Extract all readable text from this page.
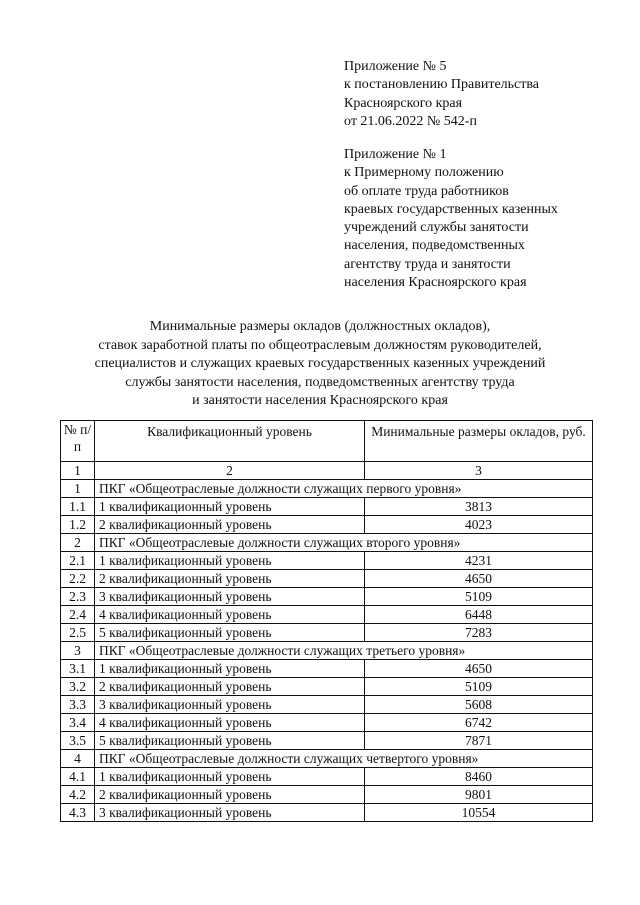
Приложение № 5
к постановлению Правительства
Красноярского края
от 21.06.2022 № 542-п
Приложение № 1
к Примерному положению
об оплате труда работников
краевых государственных казенных
учреждений службы занятости
населения, подведомственных
агентству труда и занятости
населения Красноярского края
Минимальные размеры окладов (должностных окладов),
ставок заработной платы по общеотраслевым должностям руководителей,
специалистов и служащих краевых государственных казенных учреждений
службы занятости населения, подведомственных агентству труда
и занятости населения Красноярского края
№ п/п	Квалификационный уровень	Минимальные размеры окладов, руб.
1	2	3
1	ПКГ «Общеотраслевые должности служащих первого уровня»	
1.1	1 квалификационный уровень	3813
1.2	2 квалификационный уровень	4023
2	ПКГ «Общеотраслевые должности служащих второго уровня»	
2.1	1 квалификационный уровень	4231
2.2	2 квалификационный уровень	4650
2.3	3 квалификационный уровень	5109
2.4	4 квалификационный уровень	6448
2.5	5 квалификационный уровень	7283
3	ПКГ «Общеотраслевые должности служащих третьего уровня»	
3.1	1 квалификационный уровень	4650
3.2	2 квалификационный уровень	5109
3.3	3 квалификационный уровень	5608
3.4	4 квалификационный уровень	6742
3.5	5 квалификационный уровень	7871
4	ПКГ «Общеотраслевые должности служащих четвертого уровня»	
4.1	1 квалификационный уровень	8460
4.2	2 квалификационный уровень	9801
4.3	3 квалификационный уровень	10554
